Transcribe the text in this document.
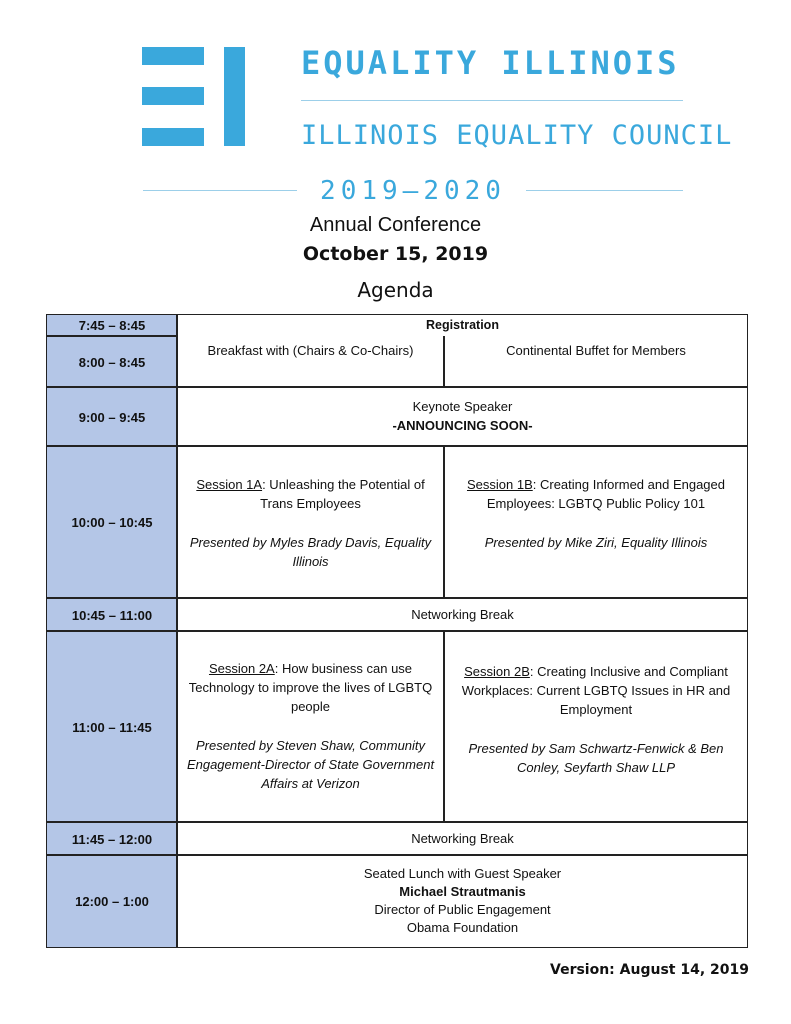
EQUALITY ILLINOIS
ILLINOIS EQUALITY COUNCIL
2019–2020
Annual Conference
October 15, 2019
Agenda
7:45 – 8:45
8:00 – 8:45
9:00 – 9:45
10:00 – 10:45
10:45 – 11:00
11:00 – 11:45
11:45 – 12:00
12:00 – 1:00
Registration
Breakfast with (Chairs & Co-Chairs)	Continental Buffet for Members
Keynote Speaker
-ANNOUNCING SOON-

Session 1A: Unleashing the Potential of Trans Employees

Presented by Myles Brady Davis, Equality Illinois

Session 1B: Creating Informed and Engaged Employees: LGBTQ Public Policy 101

Presented by Mike Ziri, Equality Illinois

Networking Break

Session 2A: How business can use Technology to improve the lives of LGBTQ people

Presented by Steven Shaw, Community Engagement-Director of State Government Affairs at Verizon

Session 2B: Creating Inclusive and Compliant Workplaces: Current LGBTQ Issues in HR and Employment

Presented by Sam Schwartz-Fenwick & Ben Conley, Seyfarth Shaw LLP

Networking Break
Seated Lunch with Guest Speaker
Michael Strautmanis
Director of Public Engagement
Obama Foundation
Version: August 14, 2019
